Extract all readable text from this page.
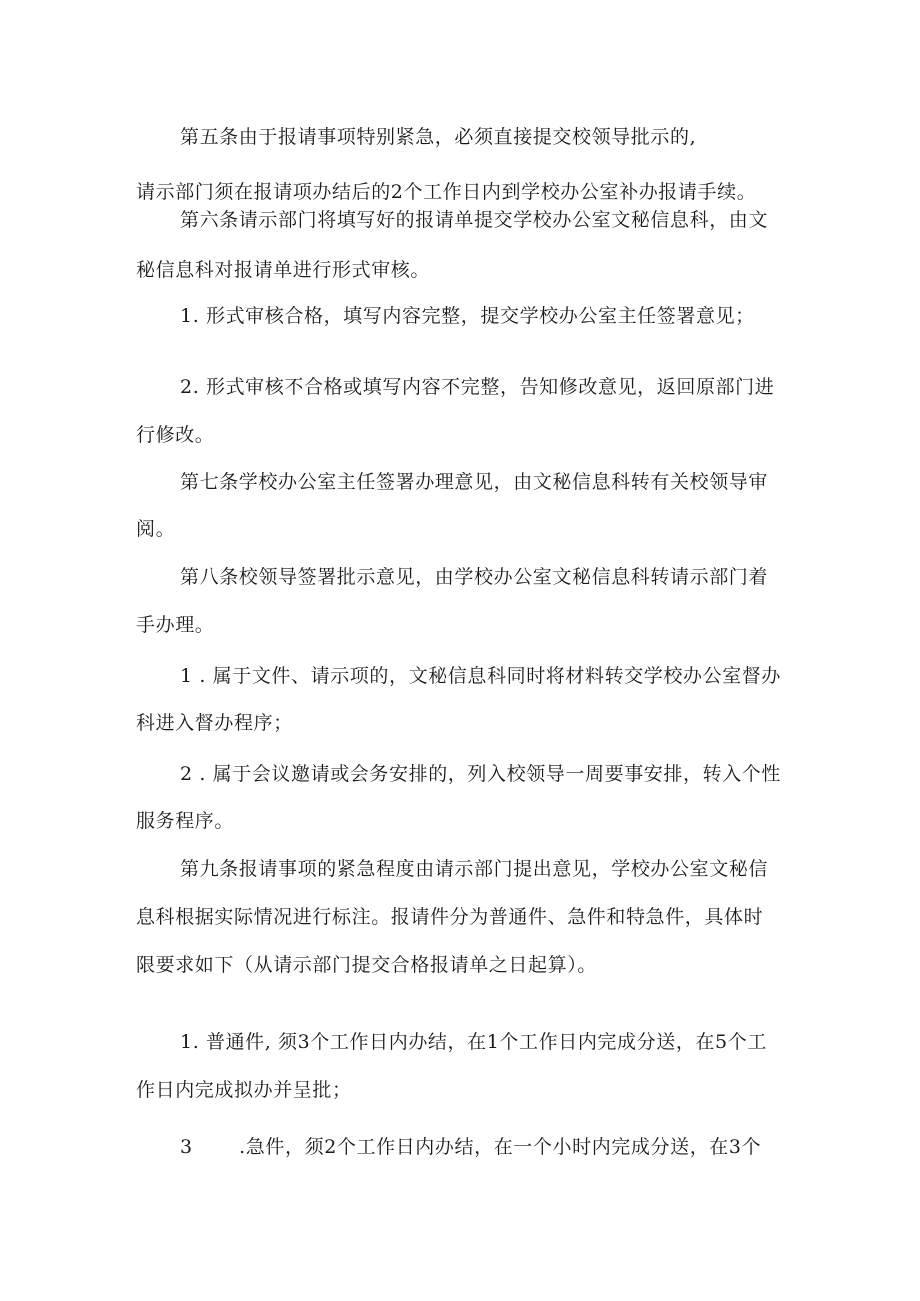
第五条由于报请事项特别紧急，必须直接提交校领导批示的,
请示部门须在报请项办结后的2个工作日内到学校办公室补办报请手续。
第六条请示部门将填写好的报请单提交学校办公室文秘信息科，由文
秘信息科对报请单进行形式审核。
1. 形式审核合格，填写内容完整，提交学校办公室主任签署意见；
2. 形式审核不合格或填写内容不完整，告知修改意见，返回原部门进
行修改。
第七条学校办公室主任签署办理意见，由文秘信息科转有关校领导审
阅。
第八条校领导签署批示意见，由学校办公室文秘信息科转请示部门着
手办理。
1 . 属于文件、请示项的，文秘信息科同时将材料转交学校办公室督办
科进入督办程序；
2 . 属于会议邀请或会务安排的，列入校领导一周要事安排，转入个性
服务程序。
第九条报请事项的紧急程度由请示部门提出意见，学校办公室文秘信
息科根据实际情况进行标注。报请件分为普通件、急件和特急件，具体时
限要求如下（从请示部门提交合格报请单之日起算）。
1. 普通件, 须3个工作日内办结，在1个工作日内完成分送，在5个工
作日内完成拟办并呈批；
3       .急件，须2个工作日内办结，在一个小时内完成分送，在3个
